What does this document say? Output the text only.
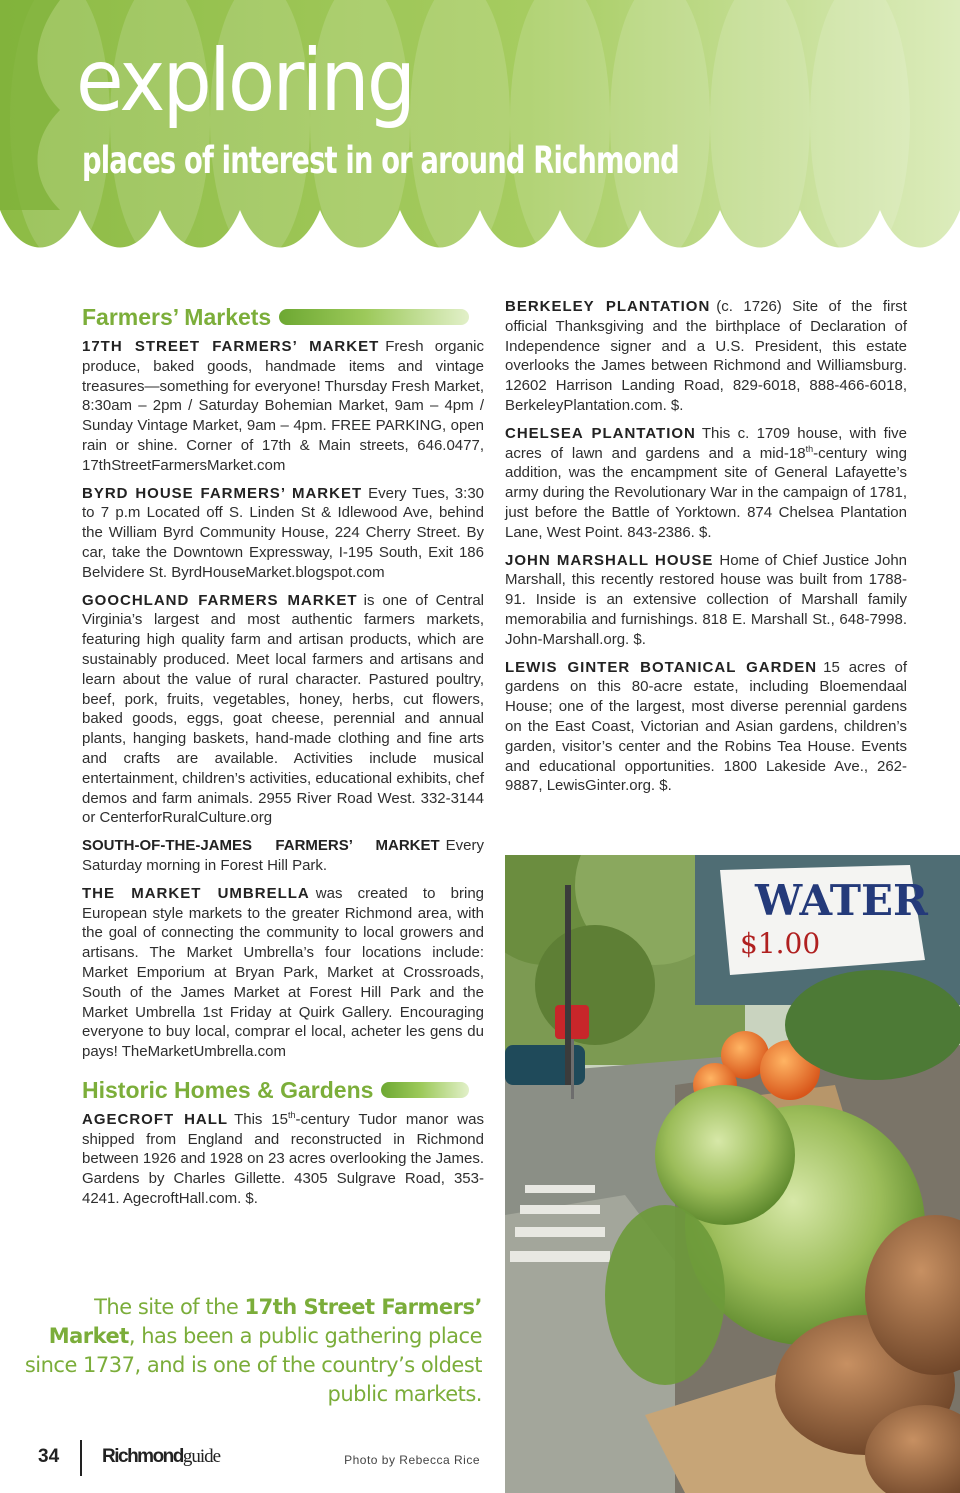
exploring
places of interest in or around Richmond
Farmers’ Markets

17TH STREET FARMERS’ MARKET Fresh organic produce, baked goods, handmade items and vintage treasures—something for everyone! Thursday Fresh Market, 8:30am – 2pm / Saturday Bohemian Market, 9am – 4pm / Sunday Vintage Market, 9am – 4pm. FREE PARKING, open rain or shine. Corner of 17th & Main streets, 646.0477, 17thStreetFarmersMarket.com

BYRD HOUSE FARMERS’ MARKET Every Tues, 3:30 to 7 p.m Located off S. Linden St & Idlewood Ave, behind the William Byrd Community House, 224 Cherry Street. By car, take the Downtown Expressway, I-195 South, Exit 186 Belvidere St. ByrdHouseMarket.blogspot.com

GOOCHLAND FARMERS MARKET is one of Central Virginia’s largest and most authentic farmers markets, featuring high quality farm and artisan products, which are sustainably produced. Meet local farmers and artisans and learn about the value of rural character. Pastured poultry, beef, pork, fruits, vegetables, honey, herbs, cut flowers, baked goods, eggs, goat cheese, perennial and annual plants, hanging baskets, hand-made clothing and fine arts and crafts are available. Activities include musical entertainment, children’s activities, educational exhibits, chef demos and farm animals. 2955 River Road West. 332-3144 or CenterforRuralCulture.org

SOUTH-OF-THE-JAMES FARMERS’ MARKET Every Saturday morning in Forest Hill Park.

THE MARKET UMBRELLA was created to bring European style markets to the greater Richmond area, with the goal of connecting the community to local growers and artisans. The Market Umbrella’s four locations include: Market Emporium at Bryan Park, Market at Crossroads, South of the James Market at Forest Hill Park and the Market Umbrella 1st Friday at Quirk Gallery. Encouraging everyone to buy local, comprar el local, acheter les gens du pays! TheMarketUmbrella.com

Historic Homes & Gardens

AGECROFT HALL This 15th-century Tudor manor was shipped from England and reconstructed in Richmond between 1926 and 1928 on 23 acres overlooking the James. Gardens by Charles Gillette. 4305 Sulgrave Road, 353-4241. AgecroftHall.com. $.

BERKELEY PLANTATION (c. 1726) Site of the first official Thanksgiving and the birthplace of Declaration of Independence signer and a U.S. President, this estate overlooks the James between Richmond and Williamsburg. 12602 Harrison Landing Road, 829-6018, 888-466-6018, BerkeleyPlantation.com. $.

CHELSEA PLANTATION This c. 1709 house, with five acres of lawn and gardens and a mid-18th-century wing addition, was the encampment site of General Lafayette’s army during the Revolutionary War in the campaign of 1781, just before the Battle of Yorktown. 874 Chelsea Plantation Lane, West Point. 843-2386. $.

JOHN MARSHALL HOUSE Home of Chief Justice John Marshall, this recently restored house was built from 1788-91. Inside is an extensive collection of Marshall family memorabilia and furnishings. 818 E. Marshall St., 648-7998. John-Marshall.org. $.

LEWIS GINTER BOTANICAL GARDEN 15 acres of gardens on this 80-acre estate, including Bloemendaal House; one of the largest, most diverse perennial gardens on the East Coast, Victorian and Asian gardens, children’s garden, visitor’s center and the Robins Tea House. Events and educational opportunities. 1800 Lakeside Ave., 262-9887, LewisGinter.org. $.

WATER
$1.00
The site of the 17th Street Farmers’ Market, has been a public gathering place since 1737, and is one of the country’s oldest public markets.
34 Richmondguide	Photo by Rebecca Rice
